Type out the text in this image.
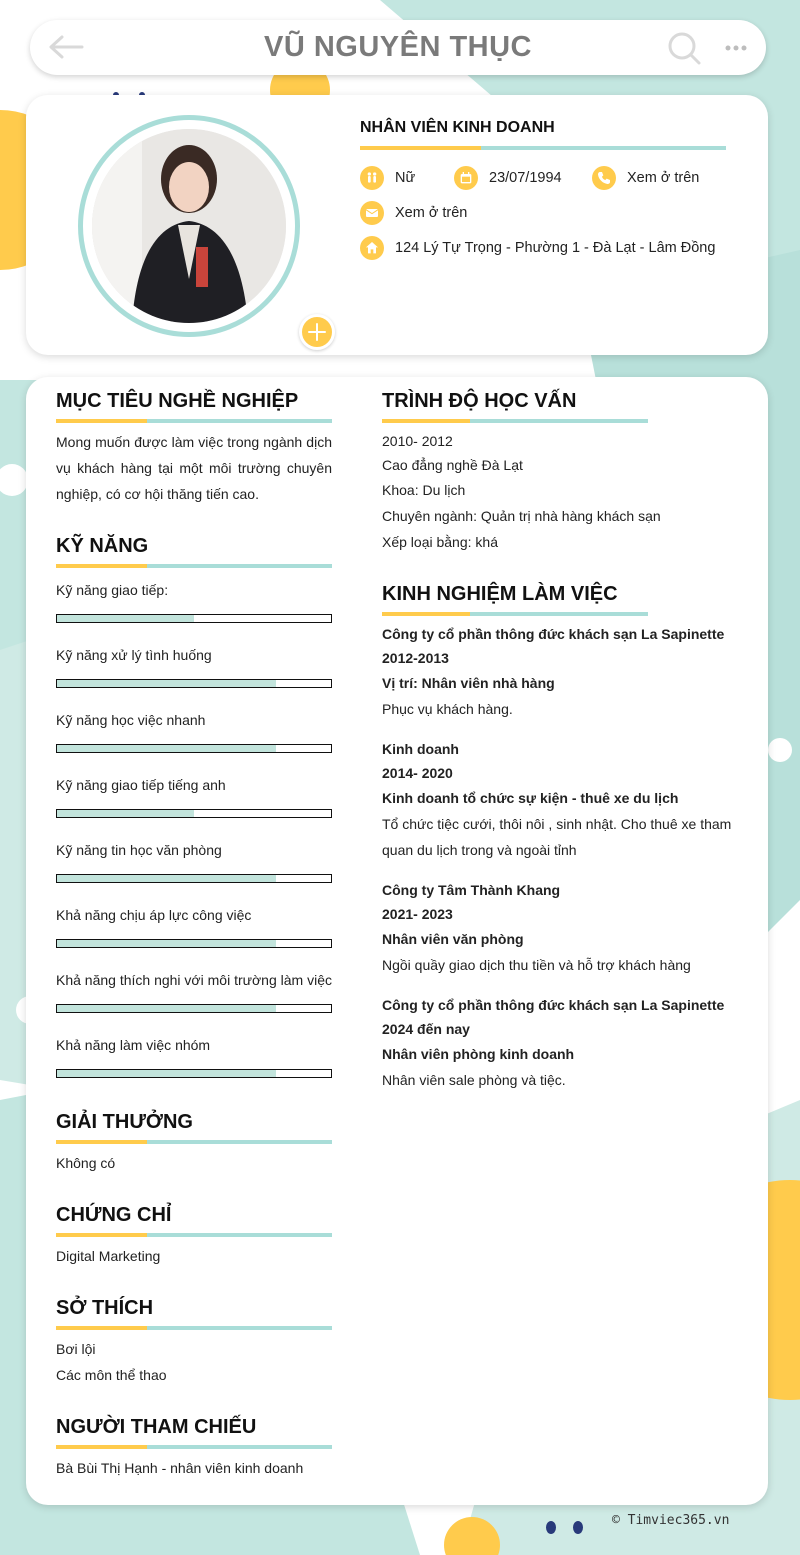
VŨ NGUYÊN THỤC
NHÂN VIÊN KINH DOANH
Nữ	23/07/1994	Xem ở trên
Xem ở trên
124 Lý Tự Trọng - Phường 1 - Đà Lạt - Lâm Đồng
MỤC TIÊU NGHỀ NGHIỆP
Mong muốn được làm việc trong ngành dịch vụ khách hàng tại một môi trường chuyên nghiệp, có cơ hội thăng tiến cao.
KỸ NĂNG
Kỹ năng giao tiếp:
Kỹ năng xử lý tình huống
Kỹ năng học việc nhanh
Kỹ năng giao tiếp tiếng anh
Kỹ năng tin học văn phòng
Khả năng chịu áp lực công việc
Khả năng thích nghi với môi trường làm việc
Khả năng làm việc nhóm
GIẢI THƯỞNG
Không có
CHỨNG CHỈ
Digital Marketing
SỞ THÍCH
Bơi lội
Các môn thể thao
NGƯỜI THAM CHIẾU
Bà Bùi Thị Hạnh - nhân viên kinh doanh
TRÌNH ĐỘ HỌC VẤN
2010- 2012
Cao đẳng nghề Đà Lạt
Khoa: Du lịch
Chuyên ngành: Quản trị nhà hàng khách sạn
Xếp loại bằng: khá
KINH NGHIỆM LÀM VIỆC
Công ty cổ phần thông đức khách sạn La Sapinette
2012-2013
Vị trí: Nhân viên nhà hàng
Phục vụ khách hàng.
Kinh doanh
2014- 2020
Kinh doanh tổ chức sự kiện - thuê xe du lịch
Tổ chức tiệc cưới, thôi nôi , sinh nhật. Cho thuê xe tham quan du lịch trong và ngoài tỉnh
Công ty Tâm Thành Khang
2021- 2023
Nhân viên văn phòng
Ngồi quầy giao dịch thu tiền và hỗ trợ khách hàng
Công ty cổ phần thông đức khách sạn La Sapinette
2024 đến nay
Nhân viên phòng kinh doanh
Nhân viên sale phòng và tiệc.
© Timviec365.vn
